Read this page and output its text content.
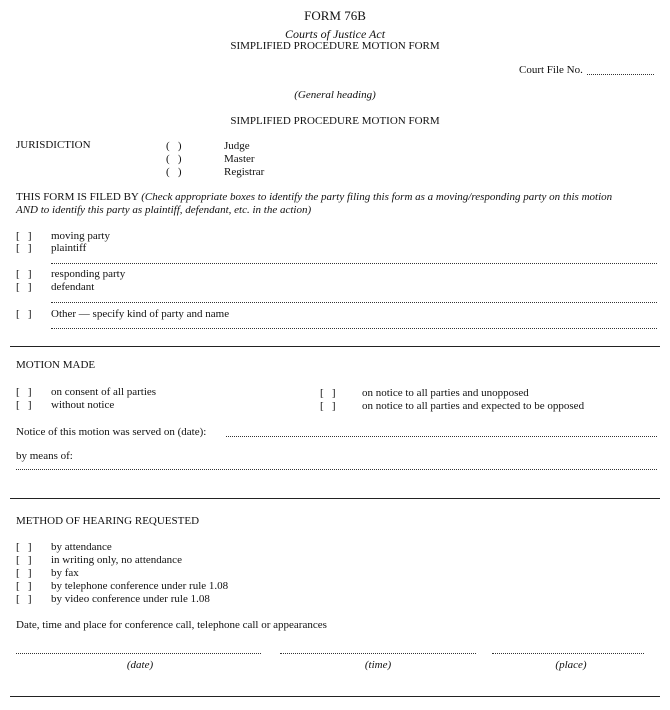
FORM 76B
Courts of Justice Act
SIMPLIFIED PROCEDURE MOTION FORM
Court File No.
(General heading)
SIMPLIFIED PROCEDURE MOTION FORM
JURISDICTION	(   )	Judge
(   )	Master
(   )	Registrar
THIS FORM IS FILED BY (Check appropriate boxes to identify the party filing this form as a moving/responding party on this motion
AND to identify this party as plaintiff, defendant, etc. in the action)
[   ] moving party
[   ] plaintiff
[   ] responding party
[   ] defendant
[   ] Other — specify kind of party and name
MOTION MADE
[   ] on consent of all parties
[   ] without notice
[   ] on notice to all parties and unopposed
[   ] on notice to all parties and expected to be opposed
Notice of this motion was served on (date):
by means of:
METHOD OF HEARING REQUESTED
[   ] by attendance
[   ] in writing only, no attendance
[   ] by fax
[   ] by telephone conference under rule 1.08
[   ] by video conference under rule 1.08
Date, time and place for conference call, telephone call or appearances
(date)	(time)	(place)
